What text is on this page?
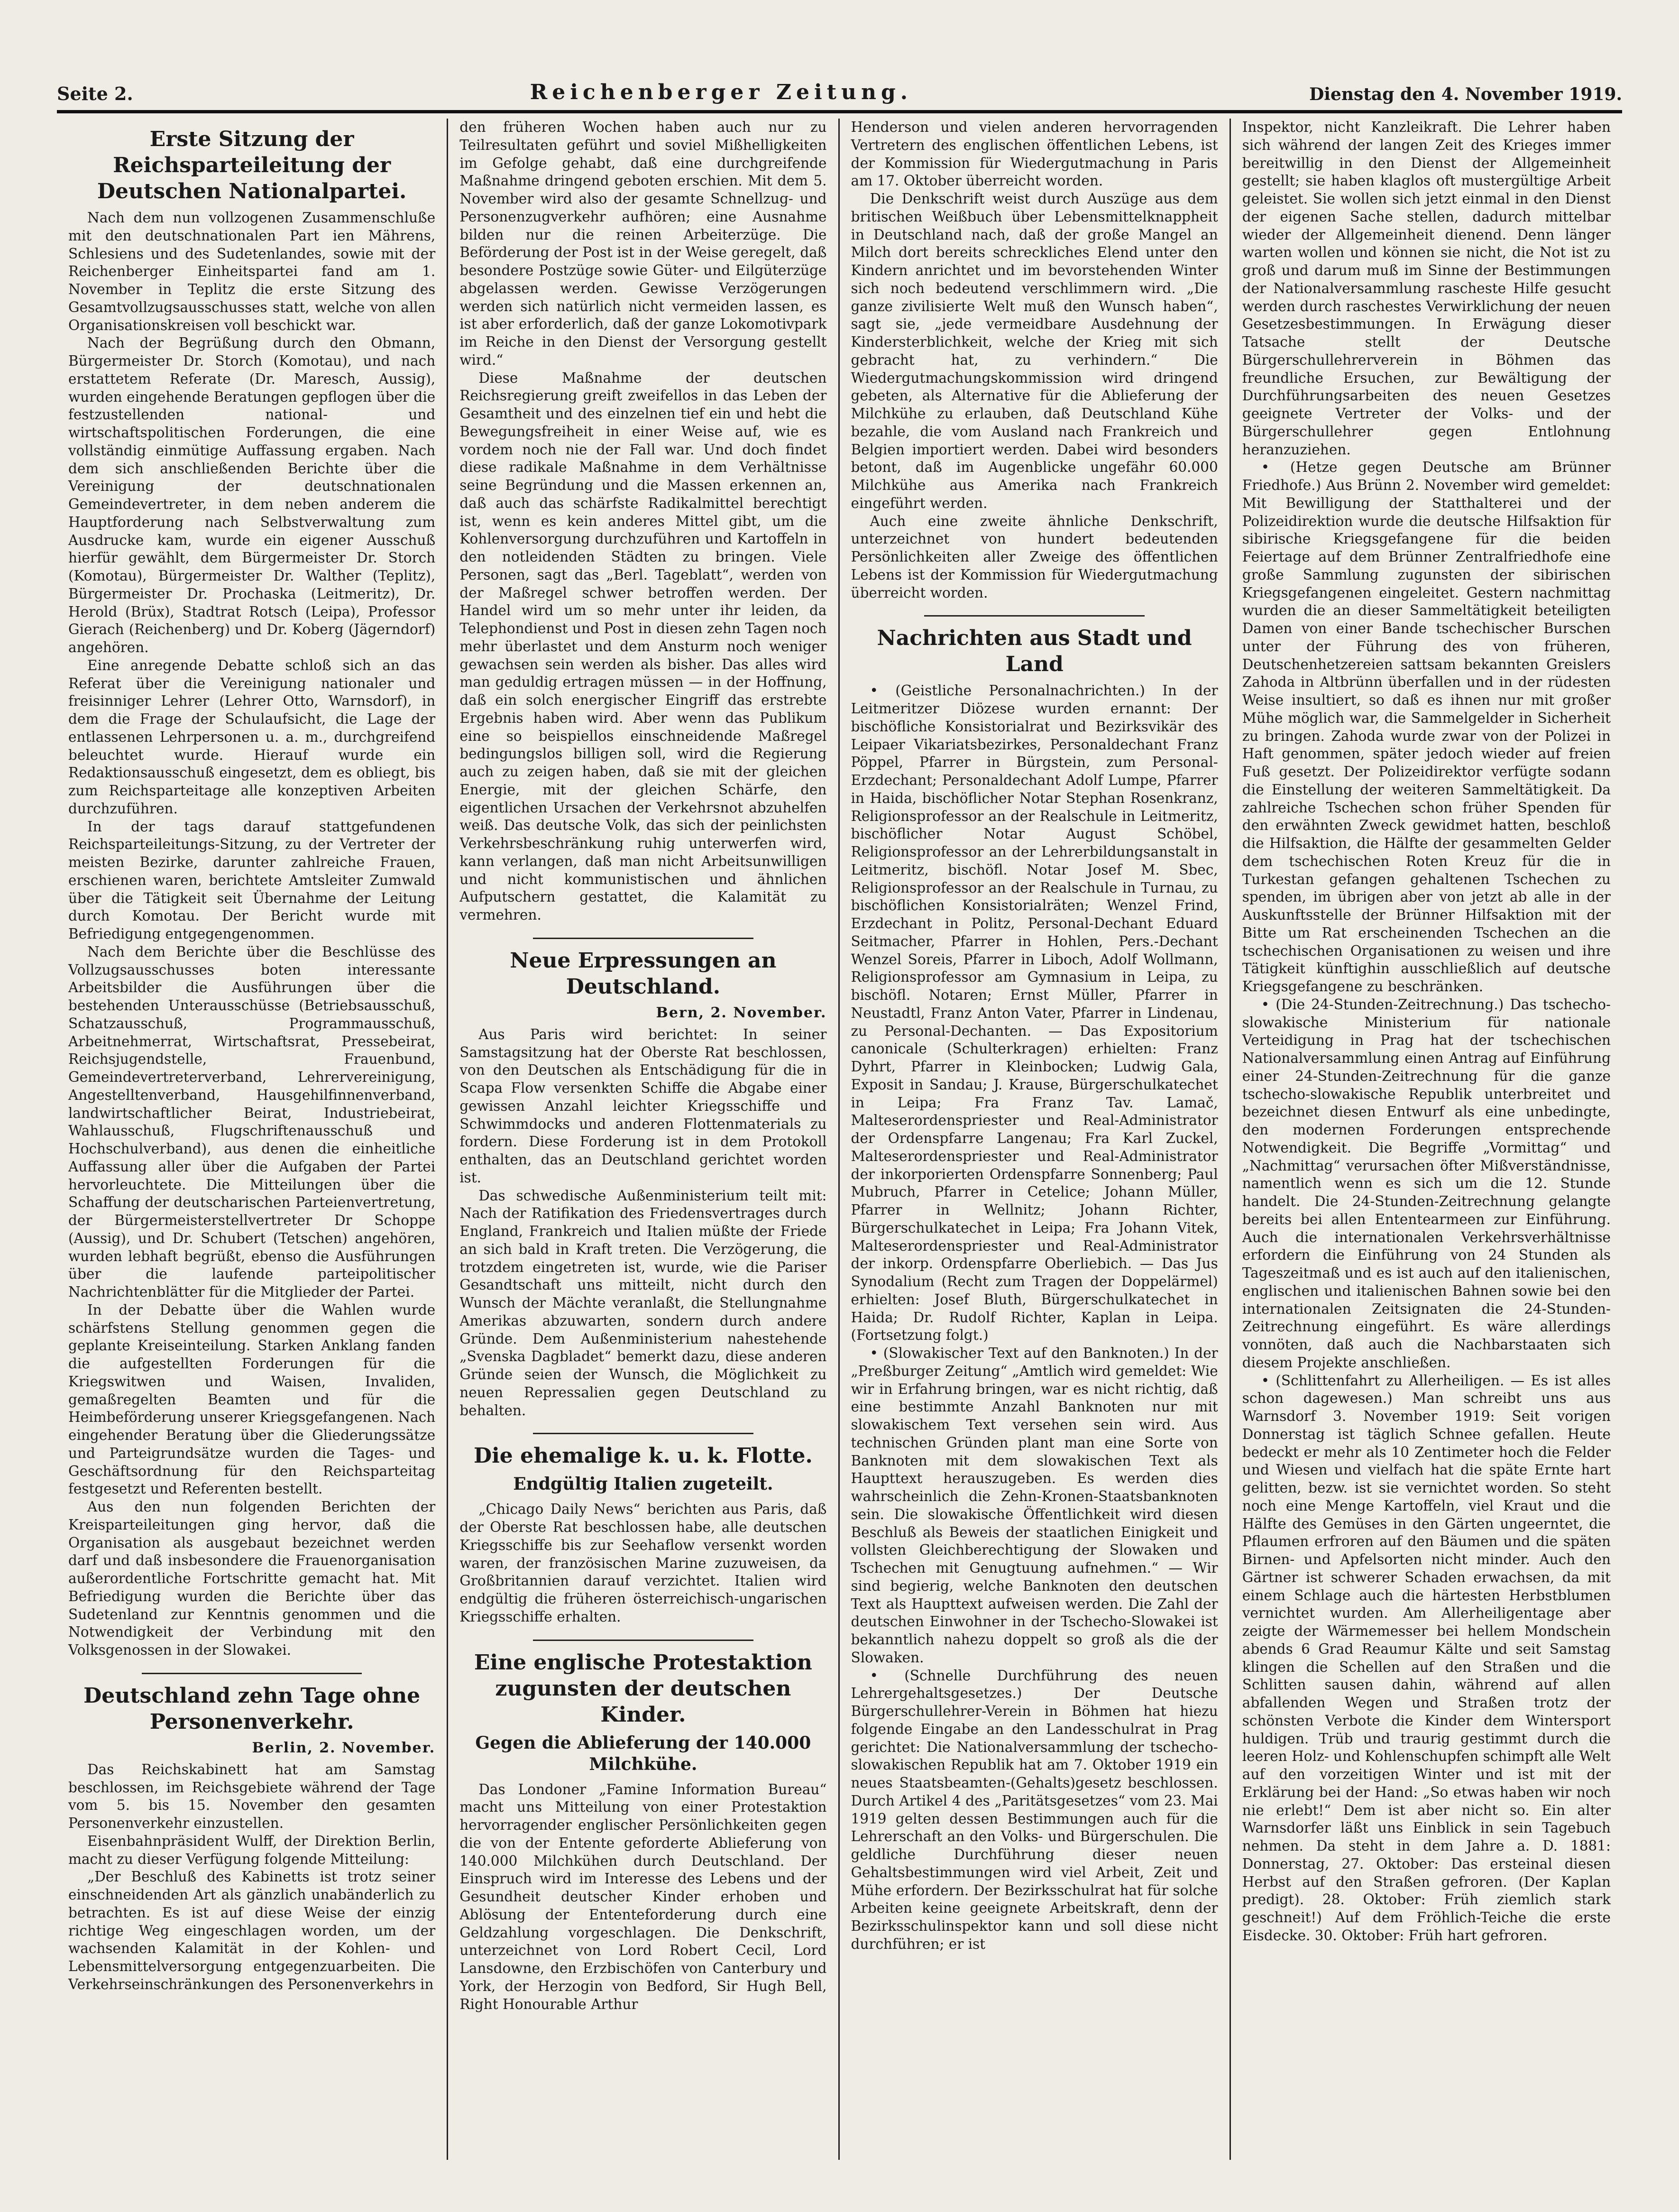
Seite 2.	Reichenberger Zeitung.	Dienstag den 4. November 1919.
Erste Sitzung der Reichsparteileitung der Deutschen Nationalpartei.

Nach dem nun vollzogenen Zusammenschluße mit den deutschnationalen Part ien Mährens, Schlesiens und des Sudetenlandes, sowie mit der Reichenberger Einheitspartei fand am 1. November in Teplitz die erste Sitzung des Gesamtvollzugsausschusses statt, welche von allen Organisationskreisen voll beschickt war.

Nach der Begrüßung durch den Obmann, Bürgermeister Dr. Storch (Komotau), und nach erstattetem Referate (Dr. Maresch, Aussig), wurden eingehende Beratungen gepflogen über die festzustellenden national- und wirtschaftspolitischen Forderungen, die eine vollständig einmütige Auffassung ergaben. Nach dem sich anschließenden Berichte über die Vereinigung der deutschnationalen Gemeindevertreter, in dem neben anderem die Hauptforderung nach Selbstverwaltung zum Ausdrucke kam, wurde ein eigener Ausschuß hierfür gewählt, dem Bürgermeister Dr. Storch (Komotau), Bürgermeister Dr. Walther (Teplitz), Bürgermeister Dr. Prochaska (Leitmeritz), Dr. Herold (Brüx), Stadtrat Rotsch (Leipa), Professor Gierach (Reichenberg) und Dr. Koberg (Jägerndorf) angehören.

Eine anregende Debatte schloß sich an das Referat über die Vereinigung nationaler und freisinniger Lehrer (Lehrer Otto, Warnsdorf), in dem die Frage der Schulaufsicht, die Lage der entlassenen Lehrpersonen u. a. m., durchgreifend beleuchtet wurde. Hierauf wurde ein Redaktionsausschuß eingesetzt, dem es obliegt, bis zum Reichsparteitage alle konzeptiven Arbeiten durchzuführen.

In der tags darauf stattgefundenen Reichsparteileitungs-Sitzung, zu der Vertreter der meisten Bezirke, darunter zahlreiche Frauen, erschienen waren, berichtete Amtsleiter Zumwald über die Tätigkeit seit Übernahme der Leitung durch Komotau. Der Bericht wurde mit Befriedigung entgegengenommen.

Nach dem Berichte über die Beschlüsse des Vollzugsausschusses boten interessante Arbeitsbilder die Ausführungen über die bestehenden Unterausschüsse (Betriebsausschuß, Schatzausschuß, Programmausschuß, Arbeitnehmerrat, Wirtschaftsrat, Pressebeirat, Reichsjugendstelle, Frauenbund, Gemeindevertreterverband, Lehrervereinigung, Angestelltenverband, Hausgehilfinnenverband, landwirtschaftlicher Beirat, Industriebeirat, Wahlausschuß, Flugschriftenausschuß und Hochschulverband), aus denen die einheitliche Auffassung aller über die Aufgaben der Partei hervorleuchtete. Die Mitteilungen über die Schaffung der deutscharischen Parteienvertretung, der Bürgermeisterstellvertreter Dr Schoppe (Aussig), und Dr. Schubert (Tetschen) angehören, wurden lebhaft begrüßt, ebenso die Ausführungen über die laufende parteipolitischer Nachrichtenblätter für die Mitglieder der Partei.

In der Debatte über die Wahlen wurde schärfstens Stellung genommen gegen die geplante Kreiseinteilung. Starken Anklang fanden die aufgestellten Forderungen für die Kriegswitwen und Waisen, Invaliden, gemaßregelten Beamten und für die Heimbeförderung unserer Kriegsgefangenen. Nach eingehender Beratung über die Gliederungssätze und Parteigrundsätze wurden die Tages- und Geschäftsordnung für den Reichsparteitag festgesetzt und Referenten bestellt.

Aus den nun folgenden Berichten der Kreisparteileitungen ging hervor, daß die Organisation als ausgebaut bezeichnet werden darf und daß insbesondere die Frauenorganisation außerordentliche Fortschritte gemacht hat. Mit Befriedigung wurden die Berichte über das Sudetenland zur Kenntnis genommen und die Notwendigkeit der Verbindung mit den Volksgenossen in der Slowakei.

Deutschland zehn Tage ohne Personenverkehr.
Berlin, 2. November.

Das Reichskabinett hat am Samstag beschlossen, im Reichsgebiete während der Tage vom 5. bis 15. November den gesamten Personenverkehr einzustellen.

Eisenbahnpräsident Wulff, der Direktion Berlin, macht zu dieser Verfügung folgende Mitteilung:

„Der Beschluß des Kabinetts ist trotz seiner einschneidenden Art als gänzlich unabänderlich zu betrachten. Es ist auf diese Weise der einzig richtige Weg eingeschlagen worden, um der wachsenden Kalamität in der Kohlen- und Lebensmittelversorgung entgegenzuarbeiten. Die Verkehrseinschränkungen des Personenverkehrs in

den früheren Wochen haben auch nur zu Teilresultaten geführt und soviel Mißhelligkeiten im Gefolge gehabt, daß eine durchgreifende Maßnahme dringend geboten erschien. Mit dem 5. November wird also der gesamte Schnellzug- und Personenzugverkehr aufhören; eine Ausnahme bilden nur die reinen Arbeiterzüge. Die Beförderung der Post ist in der Weise geregelt, daß besondere Postzüge sowie Güter- und Eilgüterzüge abgelassen werden. Gewisse Verzögerungen werden sich natürlich nicht vermeiden lassen, es ist aber erforderlich, daß der ganze Lokomotivpark im Reiche in den Dienst der Versorgung gestellt wird.“

Diese Maßnahme der deutschen Reichsregierung greift zweifellos in das Leben der Gesamtheit und des einzelnen tief ein und hebt die Bewegungsfreiheit in einer Weise auf, wie es vordem noch nie der Fall war. Und doch findet diese radikale Maßnahme in dem Verhältnisse seine Begründung und die Massen erkennen an, daß auch das schärfste Radikalmittel berechtigt ist, wenn es kein anderes Mittel gibt, um die Kohlenversorgung durchzuführen und Kartoffeln in den notleidenden Städten zu bringen. Viele Personen, sagt das „Berl. Tageblatt“, werden von der Maßregel schwer betroffen werden. Der Handel wird um so mehr unter ihr leiden, da Telephondienst und Post in diesen zehn Tagen noch mehr überlastet und dem Ansturm noch weniger gewachsen sein werden als bisher. Das alles wird man geduldig ertragen müssen — in der Hoffnung, daß ein solch energischer Eingriff das erstrebte Ergebnis haben wird. Aber wenn das Publikum eine so beispiellos einschneidende Maßregel bedingungslos billigen soll, wird die Regierung auch zu zeigen haben, daß sie mit der gleichen Energie, mit der gleichen Schärfe, den eigentlichen Ursachen der Verkehrsnot abzuhelfen weiß. Das deutsche Volk, das sich der peinlichsten Verkehrsbeschränkung ruhig unterwerfen wird, kann verlangen, daß man nicht Arbeitsunwilligen und nicht kommunistischen und ähnlichen Aufputschern gestattet, die Kalamität zu vermehren.

Neue Erpressungen an Deutschland.
Bern, 2. November.

Aus Paris wird berichtet: In seiner Samstagsitzung hat der Oberste Rat beschlossen, von den Deutschen als Entschädigung für die in Scapa Flow versenkten Schiffe die Abgabe einer gewissen Anzahl leichter Kriegsschiffe und Schwimmdocks und anderen Flottenmaterials zu fordern. Diese Forderung ist in dem Protokoll enthalten, das an Deutschland gerichtet worden ist.

Das schwedische Außenministerium teilt mit: Nach der Ratifikation des Friedensvertrages durch England, Frankreich und Italien müßte der Friede an sich bald in Kraft treten. Die Verzögerung, die trotzdem eingetreten ist, wurde, wie die Pariser Gesandtschaft uns mitteilt, nicht durch den Wunsch der Mächte veranlaßt, die Stellungnahme Amerikas abzuwarten, sondern durch andere Gründe. Dem Außenministerium nahestehende „Svenska Dagbladet“ bemerkt dazu, diese anderen Gründe seien der Wunsch, die Möglichkeit zu neuen Repressalien gegen Deutschland zu behalten.

Die ehemalige k. u. k. Flotte.
Endgültig Italien zugeteilt.

„Chicago Daily News“ berichten aus Paris, daß der Oberste Rat beschlossen habe, alle deutschen Kriegsschiffe bis zur Seehaflow versenkt worden waren, der französischen Marine zuzuweisen, da Großbritannien darauf verzichtet. Italien wird endgültig die früheren österreichisch-ungarischen Kriegsschiffe erhalten.

Eine englische Protestaktion zugunsten der deutschen Kinder.
Gegen die Ablieferung der 140.000 Milchkühe.

Das Londoner „Famine Information Bureau“ macht uns Mitteilung von einer Protestaktion hervorragender englischer Persönlichkeiten gegen die von der Entente geforderte Ablieferung von 140.000 Milchkühen durch Deutschland. Der Einspruch wird im Interesse des Lebens und der Gesundheit deutscher Kinder erhoben und Ablösung der Ententeforderung durch eine Geldzahlung vorgeschlagen. Die Denkschrift, unterzeichnet von Lord Robert Cecil, Lord Lansdowne, den Erzbischöfen von Canterbury und York, der Herzogin von Bedford, Sir Hugh Bell, Right Honourable Arthur

Henderson und vielen anderen hervorragenden Vertretern des englischen öffentlichen Lebens, ist der Kommission für Wiedergutmachung in Paris am 17. Oktober überreicht worden.

Die Denkschrift weist durch Auszüge aus dem britischen Weißbuch über Lebensmittelknappheit in Deutschland nach, daß der große Mangel an Milch dort bereits schreckliches Elend unter den Kindern anrichtet und im bevorstehenden Winter sich noch bedeutend verschlimmern wird. „Die ganze zivilisierte Welt muß den Wunsch haben“, sagt sie, „jede vermeidbare Ausdehnung der Kindersterblichkeit, welche der Krieg mit sich gebracht hat, zu verhindern.“ Die Wiedergutmachungskommission wird dringend gebeten, als Alternative für die Ablieferung der Milchkühe zu erlauben, daß Deutschland Kühe bezahle, die vom Ausland nach Frankreich und Belgien importiert werden. Dabei wird besonders betont, daß im Augenblicke ungefähr 60.000 Milchkühe aus Amerika nach Frankreich eingeführt werden.

Auch eine zweite ähnliche Denkschrift, unterzeichnet von hundert bedeutenden Persönlichkeiten aller Zweige des öffentlichen Lebens ist der Kommission für Wiedergutmachung überreicht worden.

Nachrichten aus Stadt und Land

• (Geistliche Personalnachrichten.) In der Leitmeritzer Diözese wurden ernannt: Der bischöfliche Konsistorialrat und Bezirksvikär des Leipaer Vikariatsbezirkes, Personaldechant Franz Pöppel, Pfarrer in Bürgstein, zum Personal-Erzdechant; Personaldechant Adolf Lumpe, Pfarrer in Haida, bischöflicher Notar Stephan Rosenkranz, Religionsprofessor an der Realschule in Leitmeritz, bischöflicher Notar August Schöbel, Religionsprofessor an der Lehrerbildungsanstalt in Leitmeritz, bischöfl. Notar Josef M. Sbec, Religionsprofessor an der Realschule in Turnau, zu bischöflichen Konsistorialräten; Wenzel Frind, Erzdechant in Politz, Personal-Dechant Eduard Seitmacher, Pfarrer in Hohlen, Pers.-Dechant Wenzel Soreis, Pfarrer in Liboch, Adolf Wollmann, Religionsprofessor am Gymnasium in Leipa, zu bischöfl. Notaren; Ernst Müller, Pfarrer in Neustadtl, Franz Anton Vater, Pfarrer in Lindenau, zu Personal-Dechanten. — Das Expositorium canonicale (Schulterkragen) erhielten: Franz Dyhrt, Pfarrer in Kleinbocken; Ludwig Gala, Exposit in Sandau; J. Krause, Bürgerschulkatechet in Leipa; Fra Franz Tav. Lamač, Malteserordenspriester und Real-Administrator der Ordenspfarre Langenau; Fra Karl Zuckel, Malteserordenspriester und Real-Administrator der inkorporierten Ordenspfarre Sonnenberg; Paul Mubruch, Pfarrer in Cetelice; Johann Müller, Pfarrer in Wellnitz; Johann Richter, Bürgerschulkatechet in Leipa; Fra Johann Vitek, Malteserordenspriester und Real-Administrator der inkorp. Ordenspfarre Oberliebich. — Das Jus Synodalium (Recht zum Tragen der Doppelärmel) erhielten: Josef Bluth, Bürgerschulkatechet in Haida; Dr. Rudolf Richter, Kaplan in Leipa. (Fortsetzung folgt.)

• (Slowakischer Text auf den Banknoten.) In der „Preßburger Zeitung“ „Amtlich wird gemeldet: Wie wir in Erfahrung bringen, war es nicht richtig, daß eine bestimmte Anzahl Banknoten nur mit slowakischem Text versehen sein wird. Aus technischen Gründen plant man eine Sorte von Banknoten mit dem slowakischen Text als Haupttext herauszugeben. Es werden dies wahrscheinlich die Zehn-Kronen-Staatsbanknoten sein. Die slowakische Öffentlichkeit wird diesen Beschluß als Beweis der staatlichen Einigkeit und vollsten Gleichberechtigung der Slowaken und Tschechen mit Genugtuung aufnehmen.“ — Wir sind begierig, welche Banknoten den deutschen Text als Haupttext aufweisen werden. Die Zahl der deutschen Einwohner in der Tschecho-Slowakei ist bekanntlich nahezu doppelt so groß als die der Slowaken.

• (Schnelle Durchführung des neuen Lehrergehaltsgesetzes.) Der Deutsche Bürgerschullehrer-Verein in Böhmen hat hiezu folgende Eingabe an den Landesschulrat in Prag gerichtet: Die Nationalversammlung der tschecho-slowakischen Republik hat am 7. Oktober 1919 ein neues Staatsbeamten-(Gehalts)gesetz beschlossen. Durch Artikel 4 des „Paritätsgesetzes“ vom 23. Mai 1919 gelten dessen Bestimmungen auch für die Lehrerschaft an den Volks- und Bürgerschulen. Die geldliche Durchführung dieser neuen Gehaltsbestimmungen wird viel Arbeit, Zeit und Mühe erfordern. Der Bezirksschulrat hat für solche Arbeiten keine geeignete Arbeitskraft, denn der Bezirksschulinspektor kann und soll diese nicht durchführen; er ist

Inspektor, nicht Kanzleikraft. Die Lehrer haben sich während der langen Zeit des Krieges immer bereitwillig in den Dienst der Allgemeinheit gestellt; sie haben klaglos oft mustergültige Arbeit geleistet. Sie wollen sich jetzt einmal in den Dienst der eigenen Sache stellen, dadurch mittelbar wieder der Allgemeinheit dienend. Denn länger warten wollen und können sie nicht, die Not ist zu groß und darum muß im Sinne der Bestimmungen der Nationalversammlung rascheste Hilfe gesucht werden durch raschestes Verwirklichung der neuen Gesetzesbestimmungen. In Erwägung dieser Tatsache stellt der Deutsche Bürgerschullehrerverein in Böhmen das freundliche Ersuchen, zur Bewältigung der Durchführungsarbeiten des neuen Gesetzes geeignete Vertreter der Volks- und der Bürgerschullehrer gegen Entlohnung heranzuziehen.

• (Hetze gegen Deutsche am Brünner Friedhofe.) Aus Brünn 2. November wird gemeldet: Mit Bewilligung der Statthalterei und der Polizeidirektion wurde die deutsche Hilfsaktion für sibirische Kriegsgefangene für die beiden Feiertage auf dem Brünner Zentralfriedhofe eine große Sammlung zugunsten der sibirischen Kriegsgefangenen eingeleitet. Gestern nachmittag wurden die an dieser Sammeltätigkeit beteiligten Damen von einer Bande tschechischer Burschen unter der Führung des von früheren, Deutschenhetzereien sattsam bekannten Greislers Zahoda in Altbrünn überfallen und in der rüdesten Weise insultiert, so daß es ihnen nur mit großer Mühe möglich war, die Sammelgelder in Sicherheit zu bringen. Zahoda wurde zwar von der Polizei in Haft genommen, später jedoch wieder auf freien Fuß gesetzt. Der Polizeidirektor verfügte sodann die Einstellung der weiteren Sammeltätigkeit. Da zahlreiche Tschechen schon früher Spenden für den erwähnten Zweck gewidmet hatten, beschloß die Hilfsaktion, die Hälfte der gesammelten Gelder dem tschechischen Roten Kreuz für die in Turkestan gefangen gehaltenen Tschechen zu spenden, im übrigen aber von jetzt ab alle in der Auskunftsstelle der Brünner Hilfsaktion mit der Bitte um Rat erscheinenden Tschechen an die tschechischen Organisationen zu weisen und ihre Tätigkeit künftighin ausschließlich auf deutsche Kriegsgefangene zu beschränken.

• (Die 24-Stunden-Zeitrechnung.) Das tschecho-slowakische Ministerium für nationale Verteidigung in Prag hat der tschechischen Nationalversammlung einen Antrag auf Einführung einer 24-Stunden-Zeitrechnung für die ganze tschecho-slowakische Republik unterbreitet und bezeichnet diesen Entwurf als eine unbedingte, den modernen Forderungen entsprechende Notwendigkeit. Die Begriffe „Vormittag“ und „Nachmittag“ verursachen öfter Mißverständnisse, namentlich wenn es sich um die 12. Stunde handelt. Die 24-Stunden-Zeitrechnung gelangte bereits bei allen Ententearmeen zur Einführung. Auch die internationalen Verkehrsverhältnisse erfordern die Einführung von 24 Stunden als Tageszeitmaß und es ist auch auf den italienischen, englischen und italienischen Bahnen sowie bei den internationalen Zeitsignaten die 24-Stunden-Zeitrechnung eingeführt. Es wäre allerdings vonnöten, daß auch die Nachbarstaaten sich diesem Projekte anschließen.

• (Schlittenfahrt zu Allerheiligen. — Es ist alles schon dagewesen.) Man schreibt uns aus Warnsdorf 3. November 1919: Seit vorigen Donnerstag ist täglich Schnee gefallen. Heute bedeckt er mehr als 10 Zentimeter hoch die Felder und Wiesen und vielfach hat die späte Ernte hart gelitten, bezw. ist sie vernichtet worden. So steht noch eine Menge Kartoffeln, viel Kraut und die Hälfte des Gemüses in den Gärten ungeerntet, die Pflaumen erfroren auf den Bäumen und die späten Birnen- und Apfelsorten nicht minder. Auch den Gärtner ist schwerer Schaden erwachsen, da mit einem Schlage auch die härtesten Herbstblumen vernichtet wurden. Am Allerheiligentage aber zeigte der Wärmemesser bei hellem Mondschein abends 6 Grad Reaumur Kälte und seit Samstag klingen die Schellen auf den Straßen und die Schlitten sausen dahin, während auf allen abfallenden Wegen und Straßen trotz der schönsten Verbote die Kinder dem Wintersport huldigen. Trüb und traurig gestimmt durch die leeren Holz- und Kohlenschupfen schimpft alle Welt auf den vorzeitigen Winter und ist mit der Erklärung bei der Hand: „So etwas haben wir noch nie erlebt!“ Dem ist aber nicht so. Ein alter Warnsdorfer läßt uns Einblick in sein Tagebuch nehmen. Da steht in dem Jahre a. D. 1881: Donnerstag, 27. Oktober: Das ersteinal diesen Herbst auf den Straßen gefroren. (Der Kaplan predigt). 28. Oktober: Früh ziemlich stark geschneit!) Auf dem Fröhlich-Teiche die erste Eisdecke. 30. Oktober: Früh hart gefroren.
